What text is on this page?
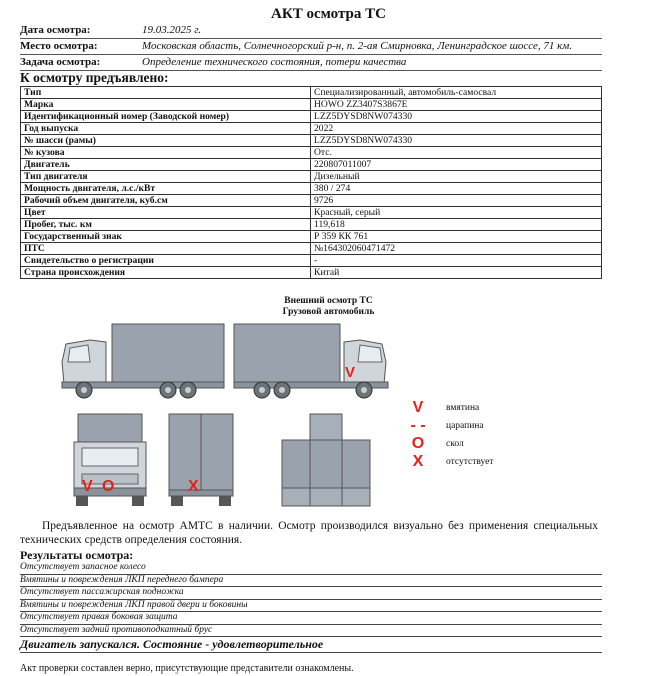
АКТ осмотра ТС
Дата осмотра:	19.03.2025 г.
Место осмотра:	Московская область, Солнечногорский р-н, п. 2-ая Смирновка, Ленинградское шоссе, 71 км.
Задача осмотра:	Определение технического состояния, потери качества
К осмотру предъявлено:
Тип	Специализированный, автомобиль-самосвал
Марка	HOWO ZZ3407S3867E
Идентификационный номер (Заводской номер)	LZZ5DYSD8NW074330
Год выпуска	2022
№ шасси (рамы)	LZZ5DYSD8NW074330
№ кузова	Отс.
Двигатель	220807011007
Тип двигателя	Дизельный
Мощность двигателя, л.с./кВт	380 / 274
Рабочий объем двигателя, куб.см	9726
Цвет	Красный, серый
Пробег, тыс. км	119,618
Государственный знак	Р 359 КК 761
ПТС	№164302060471472
Свидетельство о регистрации	-
Страна происхождения	Китай
Внешний осмотр ТС
Грузовой автомобиль
V
V O	X
V	вмятина
- -	царапина
O	скол
X	отсутствует
Предъявленное на осмотр АМТС в наличии. Осмотр производился визуально без применения специальных технических средств определения состояния.
Результаты осмотра:
Отсутствует запасное колесо
Вмятины и повреждения ЛКП переднего бампера
Отсутствует пассажирская подножка
Вмятины и повреждения ЛКП правой двери и боковины
Отсутствует правая боковая защита
Отсутствует задний противоподкатный брус
Двигатель запускался. Состояние - удовлетворительное
Акт проверки составлен верно, присутствующие представители ознакомлены.
